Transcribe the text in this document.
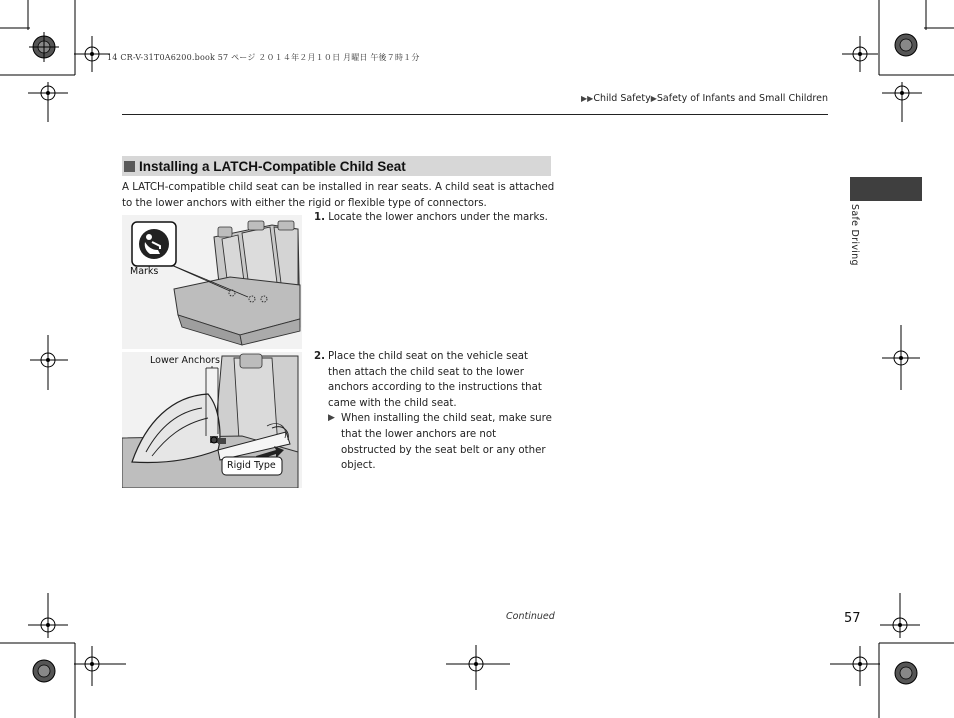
14 CR-V-31T0A6200.book 57 ページ ２０１４年２月１０日 月曜日 午後７時１分
▶▶Child Safety▶Safety of Infants and Small Children
Installing a LATCH-Compatible Child Seat
A LATCH-compatible child seat can be installed in rear seats. A child seat is attached to the lower anchors with either the rigid or flexible type of connectors.
Marks
1. Locate the lower anchors under the marks.
Lower Anchors
Rigid Type
2. Place the child seat on the vehicle seat then attach the child seat to the lower anchors according to the instructions that came with the child seat.
▶ When installing the child seat, make sure that the lower anchors are not obstructed by the seat belt or any other object.
Safe Driving
Continued	57
